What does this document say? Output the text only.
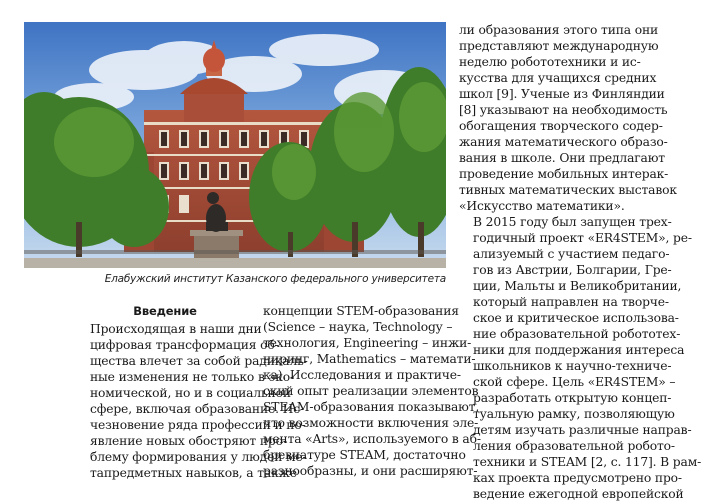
Елабужский институт Казанского федерального университета
Введение

Происходящая в наши дни
цифровая трансформация об-
щества влечет за собой радикаль-
ные изменения не только в эко-
номической, но и в социальной
сфере, включая образование. Ис-
чезновение ряда профессий и по-
явление новых обостряют про-
блему формирования у людей ме-
тапредметных навыков, а также

концепции STEM-образования
(Science – наука, Technology –
технология, Engineering – инжи-
ниринг, Mathematics – математи-
ка). Исследования и практиче-
ский опыт реализации элементов
STEAM-образования показывают,
что возможности включения эле-
мента «Arts», используемого в аб-
бревиатуре STEAM, достаточно
разнообразны, и они расширяют-

ли образования этого типа они
представляют международную
неделю робототехники и ис-
кусства для учащихся средних
школ [9]. Ученые из Финляндии
[8] указывают на необходимость
обогащения творческого содер-
жания математического образо-
вания в школе. Они предлагают
проведение мобильных интерак-
тивных математических выставок
«Искусство математики».

В 2015 году был запущен трех-
годичный проект «ER4STEM», ре-
ализуемый с участием педаго-
гов из Австрии, Болгарии, Гре-
ции, Мальты и Великобритании,
который направлен на творче-
ское и критическое использова-
ние образовательной робототех-
ники для поддержания интереса
школьников к научно-техниче-
ской сфере. Цель «ER4STEM» –
разработать открытую концеп-
туальную рамку, позволяющую
детям изучать различные направ-
ления образовательной робото-
техники и STEAM [2, с. 117]. В рам-
ках проекта предусмотрено про-
ведение ежегодной европейской
